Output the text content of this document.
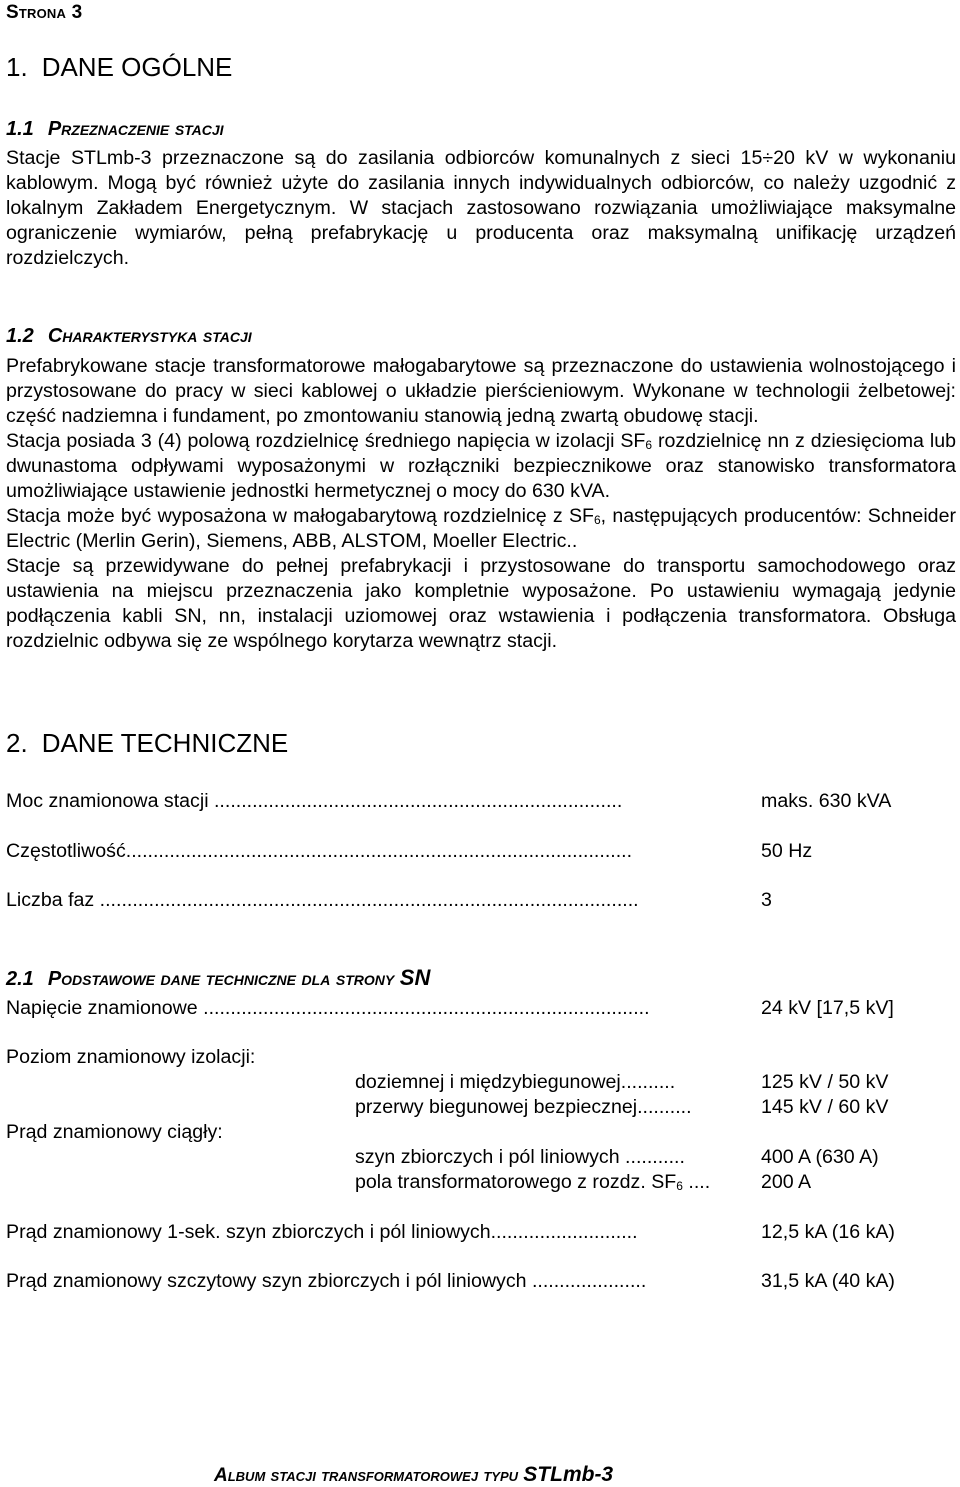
Strona 3
1. DANE OGÓLNE
1.1 Przeznaczenie stacji

Stacje STLmb-3 przeznaczone są do zasilania odbiorców komunalnych z sieci 15÷20 kV w wykonaniu kablowym. Mogą być również użyte do zasilania innych indywidualnych odbiorców, co należy uzgodnić z lokalnym Zakładem Energetycznym. W stacjach zastosowano rozwiązania umożliwiające maksymalne ograniczenie wymiarów, pełną prefabrykację u producenta oraz maksymalną unifikację urządzeń rozdzielczych.

1.2 Charakterystyka stacji

Prefabrykowane stacje transformatorowe małogabarytowe są przeznaczone do ustawienia wolnostojącego i przystosowane do pracy w sieci kablowej o układzie pierścieniowym. Wykonane w technologii żelbetowej: część nadziemna i fundament, po zmontowaniu stanowią jedną zwartą obudowę stacji.

Stacja posiada 3 (4) polową rozdzielnicę średniego napięcia w izolacji $SF_6$ rozdzielnicę nn z dziesięcioma lub dwunastoma odpływami wyposażonymi w rozłączniki bezpiecznikowe oraz stanowisko transformatora umożliwiające ustawienie jednostki hermetycznej o mocy do 630 kVA.

Stacja może być wyposażona w małogabarytową rozdzielnicę z $SF_6$, następujących producentów: Schneider Electric (Merlin Gerin), Siemens, ABB, ALSTOM, Moeller Electric..

Stacje są przewidywane do pełnej prefabrykacji i przystosowane do transportu samochodowego oraz ustawienia na miejscu przeznaczenia jako kompletnie wyposażone. Po ustawieniu wymagają jedynie podłączenia kabli SN, nn, instalacji uziomowej oraz wstawienia i podłączenia transformatora. Obsługa rozdzielnic odbywa się ze wspólnego korytarza wewnątrz stacji.

2. DANE TECHNICZNE
Moc znamionowa stacji ...........................................................................	maks. 630 kVA
Częstotliwość.............................................................................................	50 Hz
Liczba faz ...................................................................................................	3
2.1 Podstawowe dane techniczne dla strony SN
Napięcie znamionowe ..................................................................................	24 kV [17,5 kV]
Poziom znamionowy izolacji:
doziemnej i międzybiegunowej..........	125 kV / 50 kV
przerwy biegunowej bezpiecznej..........	145 kV / 60 kV
Prąd znamionowy ciągły:
szyn zbiorczych i pól liniowych ...........	400 A (630 A)
pola transformatorowego z rozdz. $SF_6$ ....	200 A
Prąd znamionowy 1-sek. szyn zbiorczych i pól liniowych...........................	12,5 kA (16 kA)
Prąd znamionowy szczytowy szyn zbiorczych i pól liniowych .....................	31,5 kA (40 kA)
Album stacji transformatorowej typu STLmb-3
